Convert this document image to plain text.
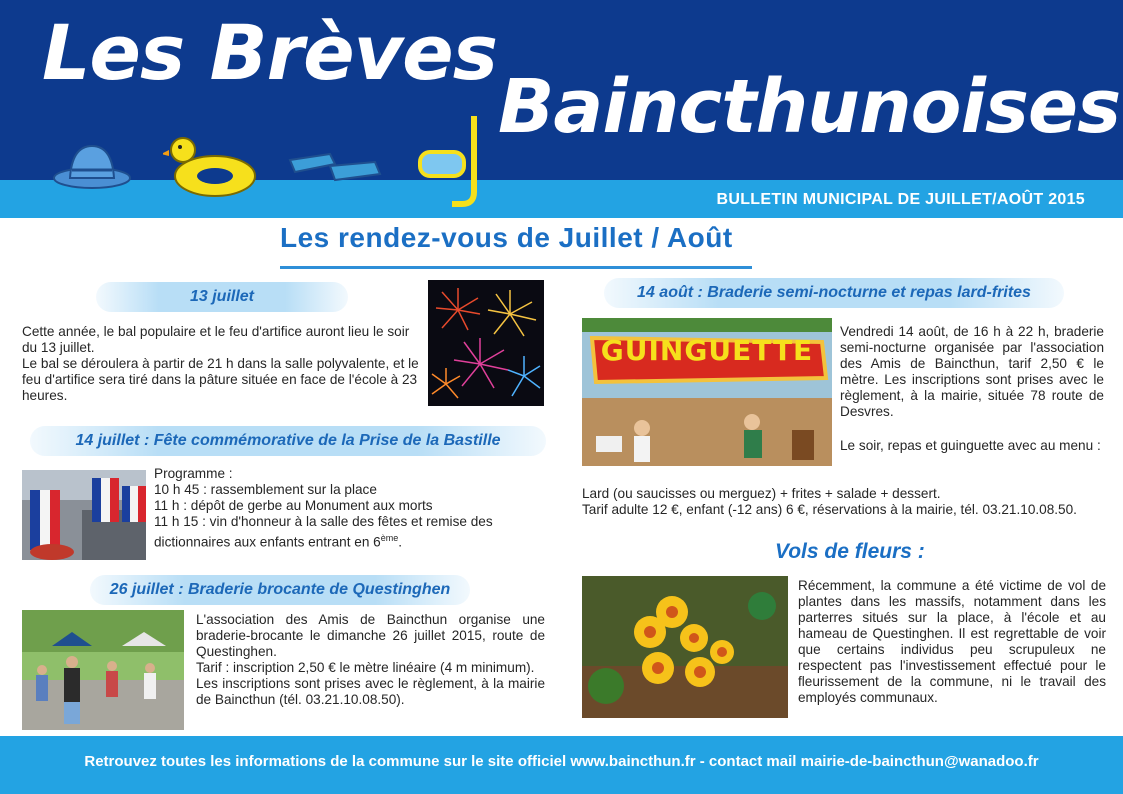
Les Brèves
Bainсthunoises
BULLETIN MUNICIPAL DE JUILLET/AOÛT 2015
Les rendez-vous de Juillet / Août
13 juillet
Cette année, le bal populaire et le feu d'artifice auront lieu le soir du 13 juillet.
Le bal se déroulera à partir de 21 h dans la salle polyvalente, et le feu d'artifice sera tiré dans la pâture située en face de l'école à 23 heures.
14 juillet : Fête commémorative de la Prise de la Bastille
Programme :
10 h 45 : rassemblement sur la place
11 h : dépôt de gerbe au Monument aux morts
11 h 15 : vin d'honneur à la salle des fêtes et remise des
dictionnaires aux enfants entrant en 6ème.
26 juillet : Braderie brocante de Questinghen
L'association des Amis de Baincthun organise une braderie-brocante le dimanche 26 juillet 2015, route de Questinghen.
Tarif : inscription 2,50 € le mètre linéaire (4 m minimum).
Les inscriptions sont prises avec le règlement, à la mairie de Baincthun (tél. 03.21.10.08.50).
14 août : Braderie semi-nocturne et repas lard-frites
GUINGUETTE
Vendredi 14 août, de 16 h à 22 h, braderie semi-nocturne organisée par l'association des Amis de Baincthun, tarif 2,50 € le mètre. Les inscriptions sont prises avec le règlement, à la mairie, située 78 route de Desvres.
Le soir, repas et guinguette avec au menu :
Lard (ou saucisses ou merguez) + frites + salade + dessert.
Tarif adulte 12 €, enfant (-12 ans) 6 €, réservations à la mairie, tél. 03.21.10.08.50.
Vols de fleurs :
Récemment, la commune a été victime de vol de plantes dans les massifs, notamment dans les parterres situés sur la place, à l'école et au hameau de Questinghen. Il est regrettable de voir que certains individus peu scrupuleux ne respectent pas l'investissement effectué pour le fleurissement de la commune, ni le travail des employés communaux.
Retrouvez toutes les informations de la commune sur le site officiel www.baincthun.fr - contact mail mairie-de-baincthun@wanadoo.fr
